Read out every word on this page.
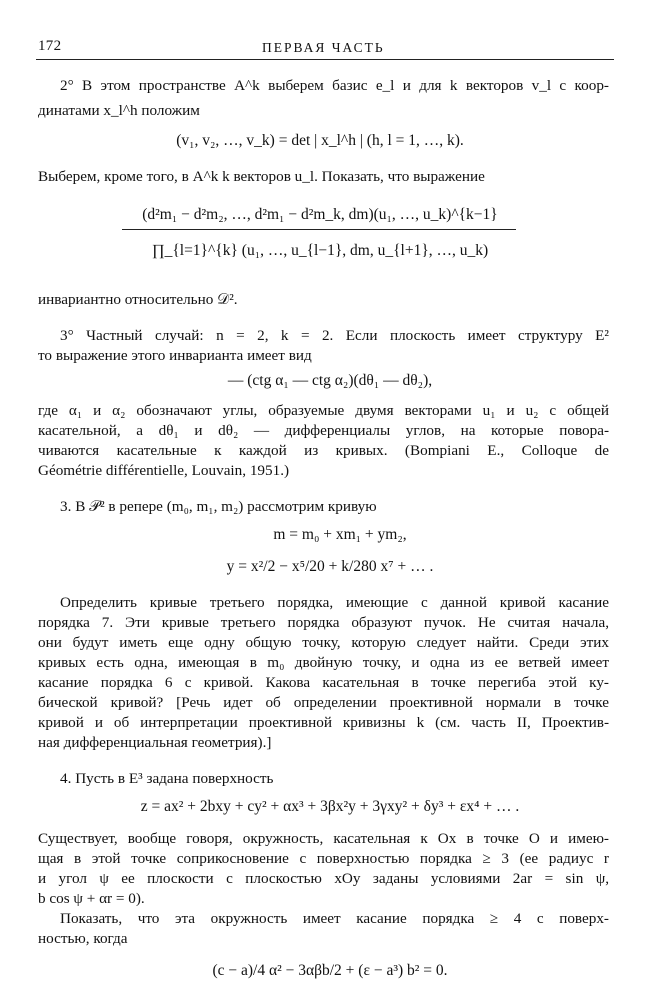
172	ПЕРВАЯ ЧАСТЬ
2° В этом пространстве A^k выберем базис e_l и для k векторов v_l с коор-
динатами x_l^h положим
(v₁, v₂, …, v_k) = det | x_l^h | (h, l = 1, …, k).
Выберем, кроме того, в A^k k векторов u_l. Показать, что выражение
(d²m₁ − d²m₂, …, d²m₁ − d²m_k, dm)(u₁, …, u_k)^{k−1}
∏_{l=1}^{k} (u₁, …, u_{l−1}, dm, u_{l+1}, …, u_k)
инвариантно относительно 𝒟².
3° Частный случай: n = 2, k = 2. Если плоскость имеет структуру E²
то выражение этого инварианта имеет вид
— (ctg α₁ — ctg α₂)(dθ₁ — dθ₂),
где α₁ и α₂ обозначают углы, образуемые двумя векторами u₁ и u₂ с общей
касательной, а dθ₁ и dθ₂ — дифференциалы углов, на которые повора-
чиваются касательные к каждой из кривых. (Bompiani E., Colloque de
Géométrie différentielle, Louvain, 1951.)
3. В 𝒫² в репере (m₀, m₁, m₂) рассмотрим кривую
m = m₀ + xm₁ + ym₂,
y = x²/2 − x⁵/20 + k/280 x⁷ + … .
Определить кривые третьего порядка, имеющие с данной кривой касание
порядка 7. Эти кривые третьего порядка образуют пучок. Не считая начала,
они будут иметь еще одну общую точку, которую следует найти. Среди этих
кривых есть одна, имеющая в m₀ двойную точку, и одна из ее ветвей имеет
касание порядка 6 с кривой. Какова касательная в точке перегиба этой ку-
бической кривой? [Речь идет об определении проективной нормали в точке
кривой и об интерпретации проективной кривизны k (см. часть II, Проектив-
ная дифференциальная геометрия).]
4. Пусть в E³ задана поверхность
z = ax² + 2bxy + cy² + αx³ + 3βx²y + 3γxy² + δy³ + εx⁴ + … .
Существует, вообще говоря, окружность, касательная к Ox в точке O и имею-
щая в этой точке соприкосновение с поверхностью порядка ≥ 3 (ее радиус r
и угол ψ ее плоскости с плоскостью xOy заданы условиями 2ar = sin ψ,
b cos ψ + αr = 0).
Показать, что эта окружность имеет касание порядка ≥ 4 с поверх-
ностью, когда
(c − a)/4 α² − 3αβb/2 + (ε − a³) b² = 0.
